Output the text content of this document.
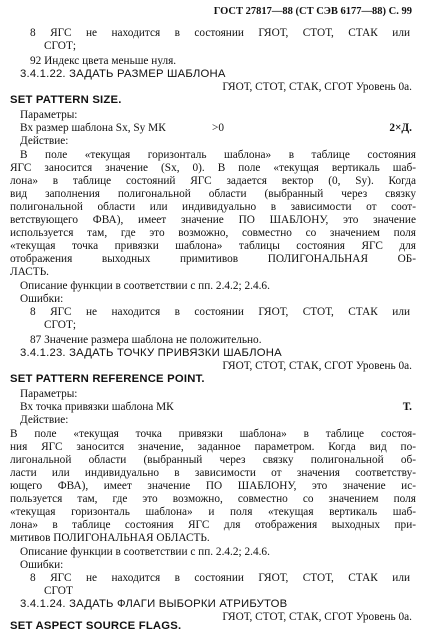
ГОСТ 27817—88 (СТ СЭВ 6177—88) С. 99
8 ЯГС не находится в состоянии ГЯОТ, СТОТ, СТАК или
СГОТ;
92 Индекс цвета меньше нуля.
3.4.1.22. ЗАДАТЬ РАЗМЕР ШАБЛОНА
ГЯОТ, СТОТ, СТАК, СГОТ Уровень 0а.
SET PATTERN SIZE.
Параметры:
Вх размер шаблона Sx, Sy МК	>0	2×Д.
Действие:
В поле «текущая горизонталь шаблона» в таблице состояния
ЯГС заносится значение (Sx, 0). В поле «текущая вертикаль шаб-
лона» в таблице состояний ЯГС задается вектор (0, Sy). Когда
вид заполнения полигональной области (выбранный через связку
полигональной области или индивидуально в зависимости от соот-
ветствующего ФВА), имеет значение ПО ШАБЛОНУ, это значение
используется там, где это возможно, совместно со значением поля
«текущая точка привязки шаблона» таблицы состояния ЯГС для
отображения выходных примитивов ПОЛИГОНАЛЬНАЯ ОБ-
ЛАСТЬ.
Описание функции в соответствии с пп. 2.4.2; 2.4.6.
Ошибки:
8 ЯГС не находится в состоянии ГЯОТ, СТОТ, СТАК или
СГОТ;
87 Значение размера шаблона не положительно.
3.4.1.23. ЗАДАТЬ ТОЧКУ ПРИВЯЗКИ ШАБЛОНА
ГЯОТ, СТОТ, СТАК, СГОТ Уровень 0а.
SET PATTERN REFERENCE POINT.
Параметры:
Вх точка привязки шаблона МК	Т.
Действие:
В поле «текущая точка привязки шаблона» в таблице состоя-
ния ЯГС заносится значение, заданное параметром. Когда вид по-
лигональной области (выбранный через связку полигональной об-
ласти или индивидуально в зависимости от значения соответству-
ющего ФВА), имеет значение ПО ШАБЛОНУ, это значение ис-
пользуется там, где это возможно, совместно со значением поля
«текущая горизонталь шаблона» и поля «текущая вертикаль шаб-
лона» в таблице состояния ЯГС для отображения выходных при-
митивов ПОЛИГОНАЛЬНАЯ ОБЛАСТЬ.
Описание функции в соответствии с пп. 2.4.2; 2.4.6.
Ошибки:
8 ЯГС не находится в состоянии ГЯОТ, СТОТ, СТАК или
СГОТ
3.4.1.24. ЗАДАТЬ ФЛАГИ ВЫБОРКИ АТРИБУТОВ
ГЯОТ, СТОТ, СТАК, СГОТ Уровень 0а.
SET ASPECT SOURCE FLAGS.
